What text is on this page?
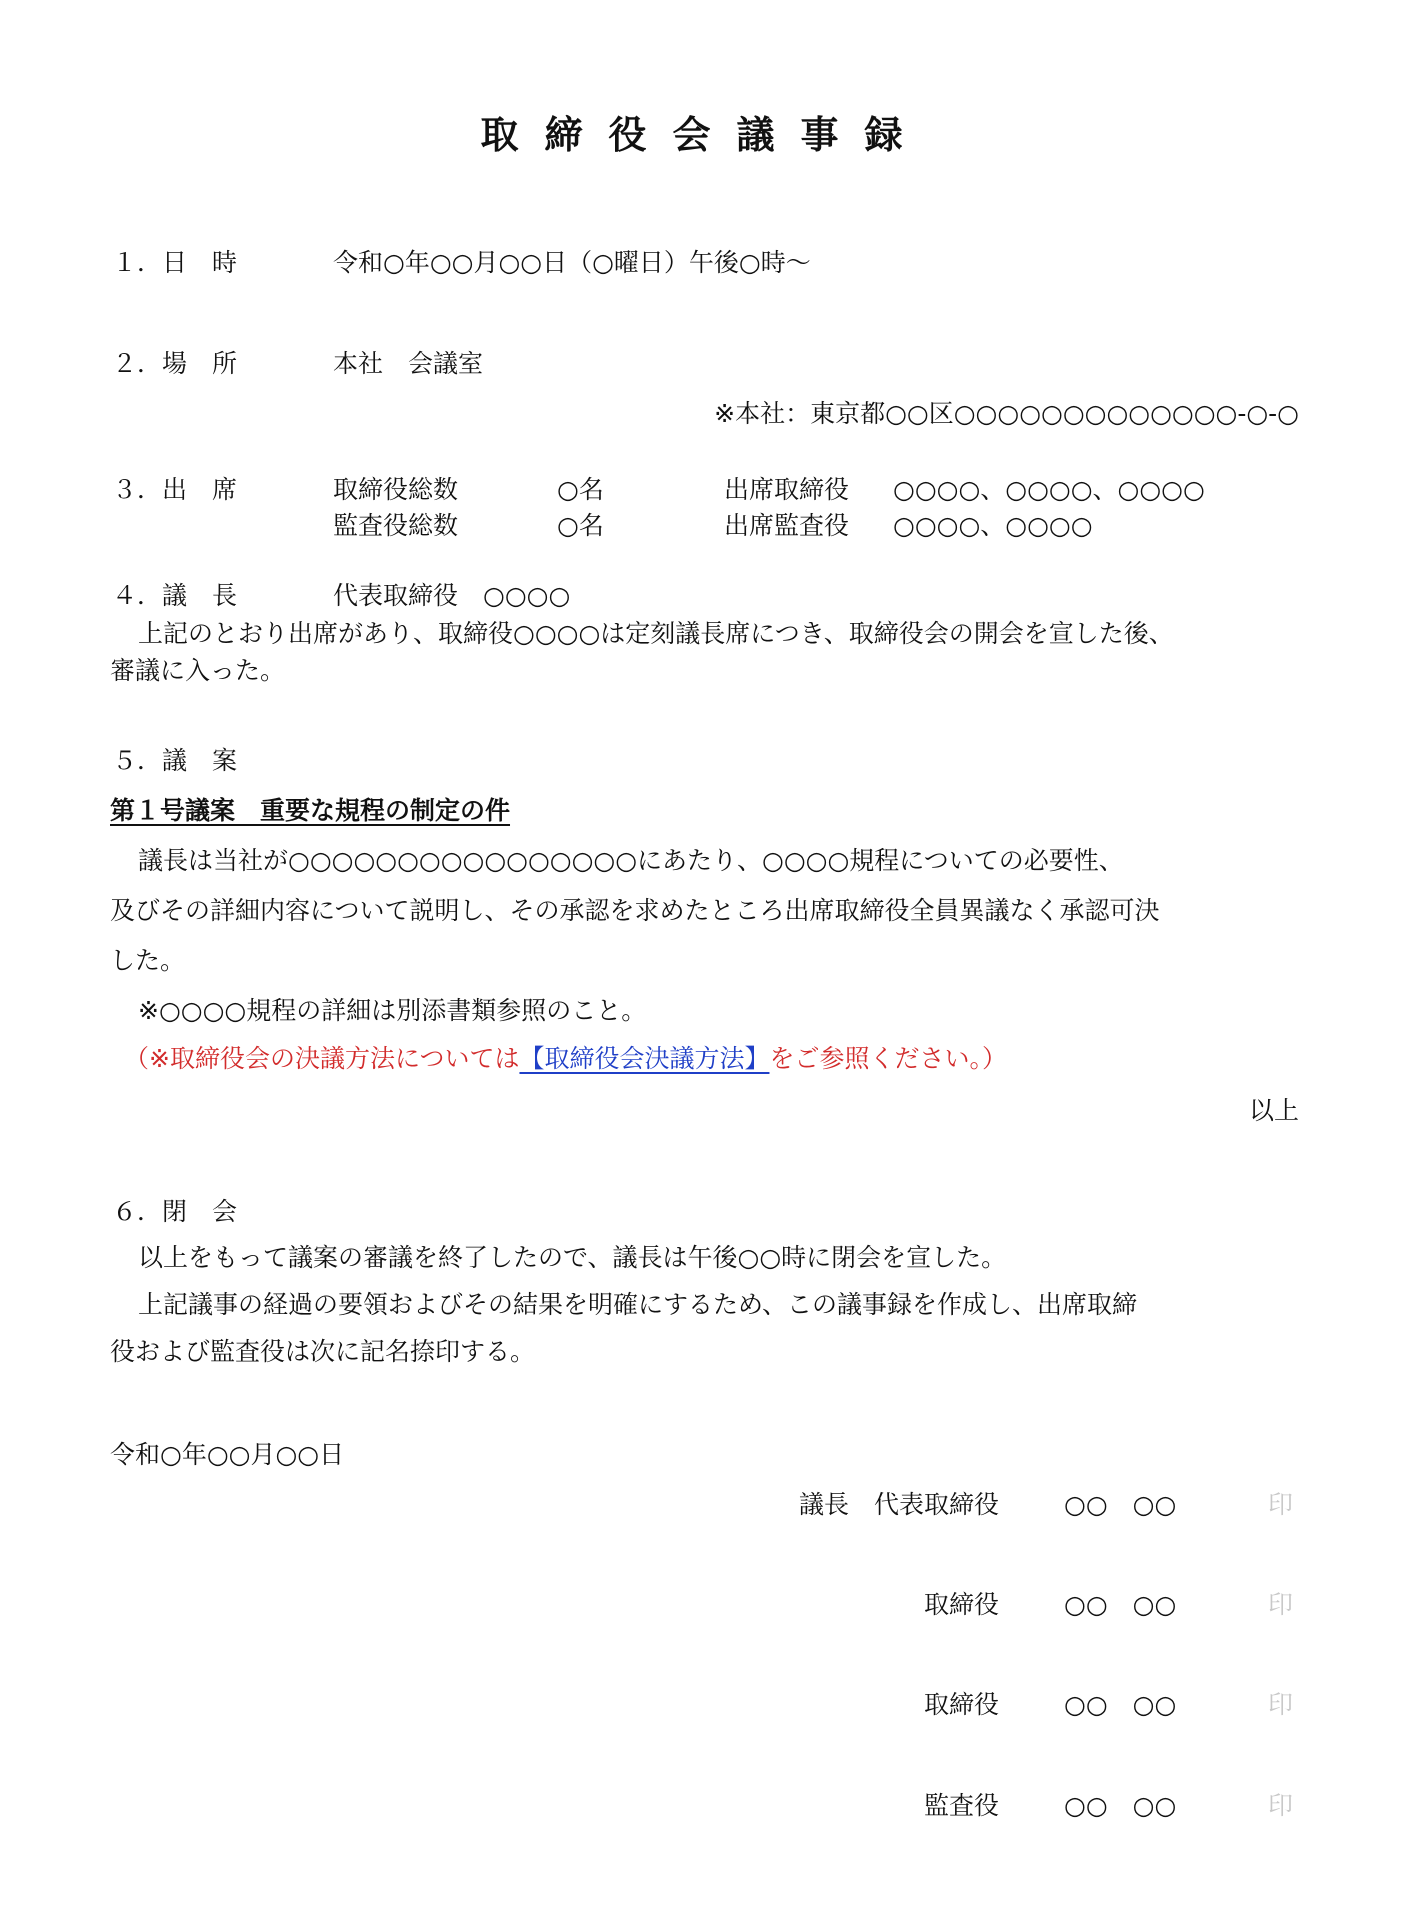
取締役会議事録
１．日　時	令和○年○○月○○日（○曜日）午後○時～
２．場　所	本社　会議室
※本社：東京都○○区○○○○○○○○○○○○○-○-○
３．出　席	取締役総数	○名	出席取締役 ○○○○、○○○○、○○○○
監査役総数	○名	出席監査役 ○○○○、○○○○
４．議　長	代表取締役　○○○○
上記のとおり出席があり、取締役○○○○は定刻議長席につき、取締役会の開会を宣した後、
審議に入った。
５．議　案
第１号議案　重要な規程の制定の件
議長は当社が○○○○○○○○○○○○○○○○にあたり、○○○○規程についての必要性、
及びその詳細内容について説明し、その承認を求めたところ出席取締役全員異議なく承認可決
した。
※○○○○規程の詳細は別添書類参照のこと。
（※取締役会の決議方法については【取締役会決議方法】をご参照ください。）
以上
６．閉　会
以上をもって議案の審議を終了したので、議長は午後○○時に閉会を宣した。
上記議事の経過の要領およびその結果を明確にするため、この議事録を作成し、出席取締
役および監査役は次に記名捺印する。
令和○年○○月○○日
議長　代表取締役	○○　○○	印
取締役	○○　○○	印
取締役	○○　○○	印
監査役	○○　○○	印
